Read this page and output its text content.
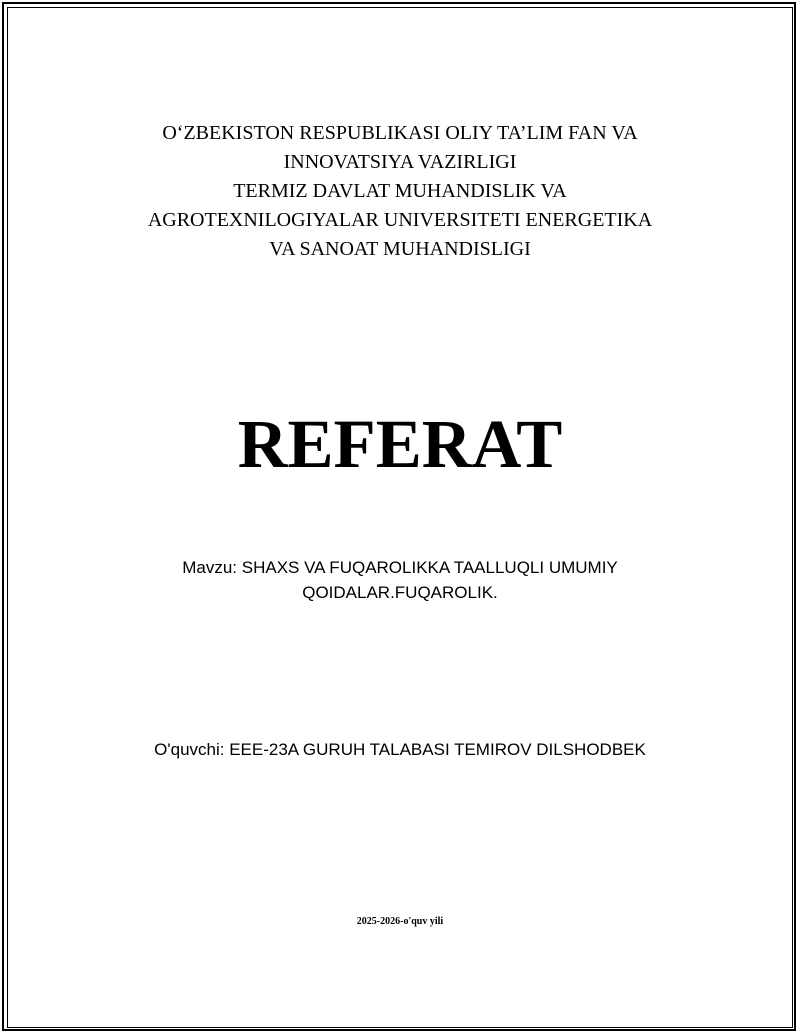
O‘ZBEKISTON RESPUBLIKASI OLIY TA’LIM FAN VA
INNOVATSIYA VAZIRLIGI
TERMIZ DAVLAT MUHANDISLIK VA
AGROTEXNILOGIYALAR UNIVERSITETI ENERGETIKA
VA SANOAT MUHANDISLIGI
REFERAT
Mavzu: SHAXS VA FUQAROLIKKA TAALLUQLI UMUMIY
QOIDALAR.FUQAROLIK.
O'quvchi: EEE-23A GURUH TALABASI TEMIROV DILSHODBEK
2025-2026-o'quv yili
